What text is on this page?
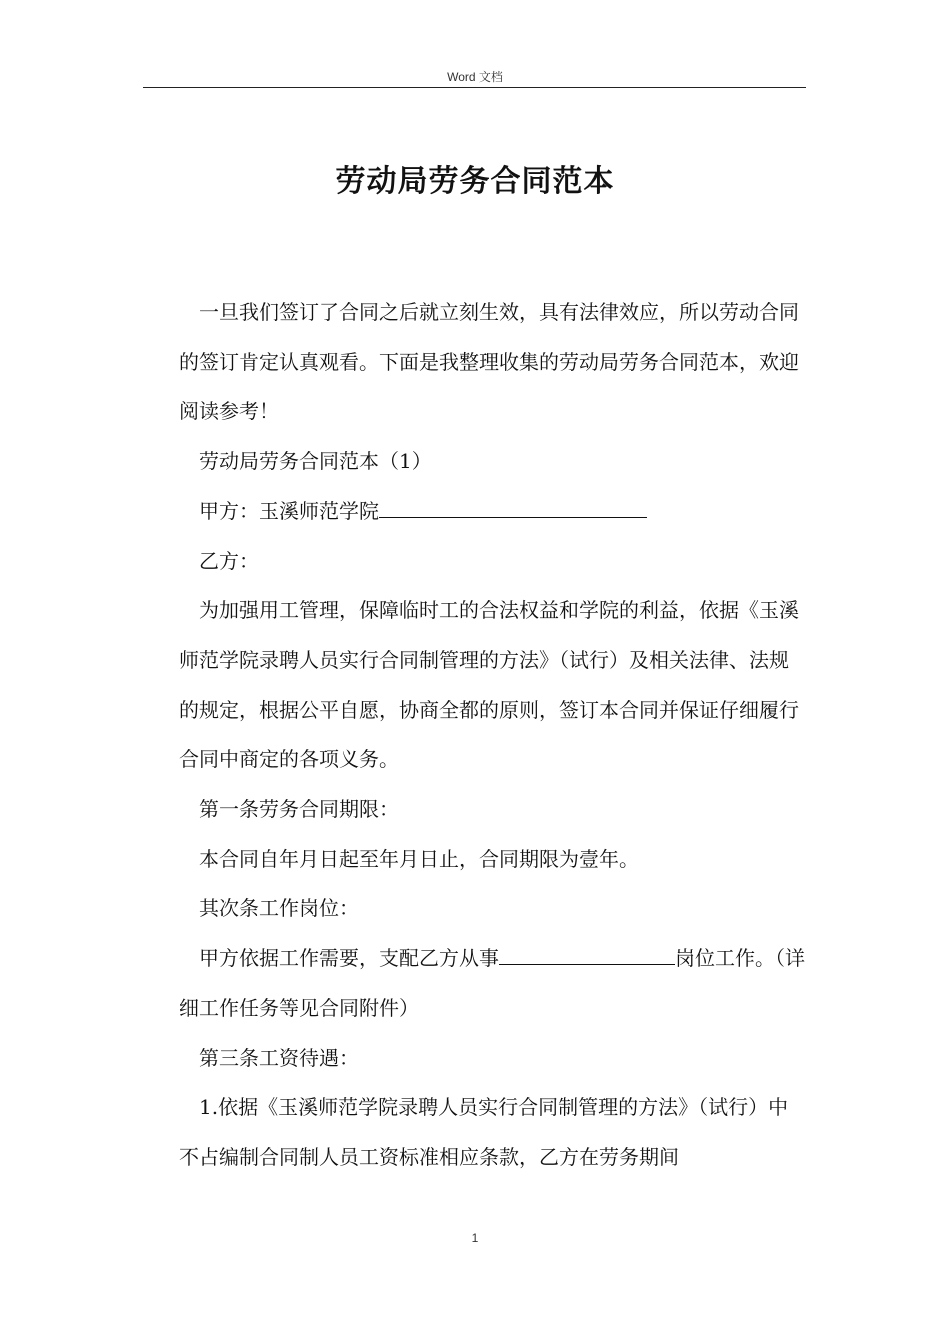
Word 文档
劳动局劳务合同范本

一旦我们签订了合同之后就立刻生效，具有法律效应，所以劳动合同的签订肯定认真观看。下面是我整理收集的劳动局劳务合同范本，欢迎阅读参考！

劳动局劳务合同范本（1）

甲方：玉溪师范学院

乙方：

为加强用工管理，保障临时工的合法权益和学院的利益，依据《玉溪师范学院录聘人员实行合同制管理的方法》（试行）及相关法律、法规的规定，根据公平自愿，协商全都的原则，签订本合同并保证仔细履行合同中商定的各项义务。

第一条劳务合同期限：

本合同自年月日起至年月日止，合同期限为壹年。

其次条工作岗位：

甲方依据工作需要，支配乙方从事	岗位工作。（详细工作任务等见合同附件）

第三条工资待遇：

1.依据《玉溪师范学院录聘人员实行合同制管理的方法》（试行）中不占编制合同制人员工资标准相应条款，乙方在劳务期间

1
